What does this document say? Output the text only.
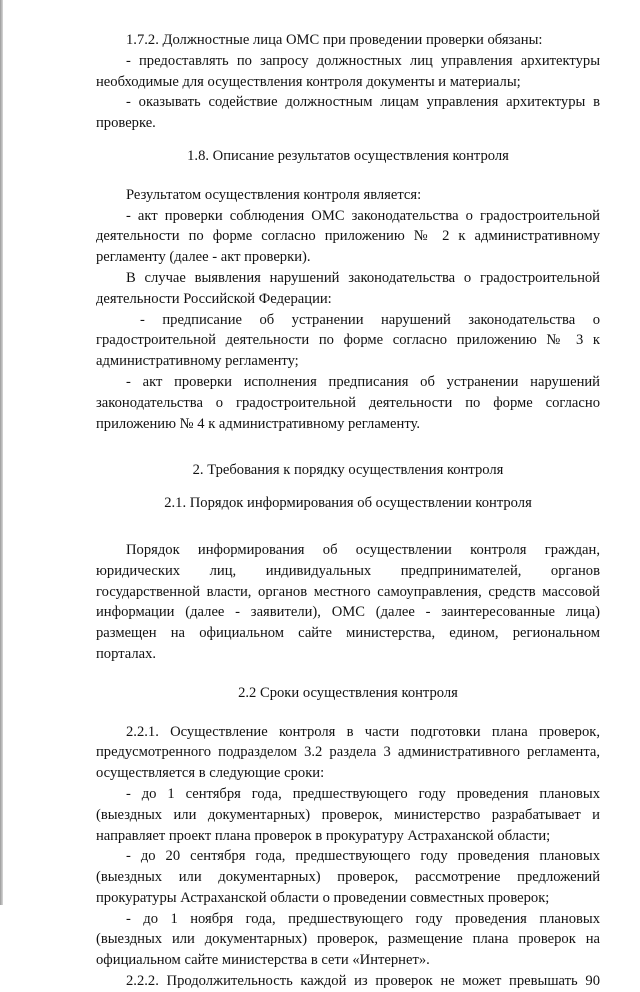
1.7.2. Должностные лица ОМС при проведении проверки обязаны:
- предоставлять по запросу должностных лиц управления архитектуры
необходимые для осуществления контроля документы и материалы;
- оказывать содействие должностным лицам управления архитектуры в
проверке.
1.8. Описание результатов осуществления контроля
Результатом осуществления контроля является:
- акт проверки соблюдения ОМС законодательства о градостроительной
деятельности по форме согласно приложению № 2 к административному
регламенту (далее - акт проверки).
В случае выявления нарушений законодательства о градостроительной
деятельности Российской Федерации:
- предписание об устранении нарушений законодательства о
градостроительной деятельности по форме согласно приложению № 3 к
административному регламенту;
- акт проверки исполнения предписания об устранении нарушений
законодательства о градостроительной деятельности по форме согласно
приложению № 4 к административному регламенту.
2. Требования к порядку осуществления контроля
2.1. Порядок информирования об осуществлении контроля
Порядок информирования об осуществлении контроля граждан,
юридических лиц, индивидуальных предпринимателей, органов
государственной власти, органов местного самоуправления, средств массовой
информации (далее - заявители), ОМС (далее - заинтересованные лица)
размещен на официальном сайте министерства, едином, региональном
порталах.
2.2 Сроки осуществления контроля
2.2.1. Осуществление контроля в части подготовки плана проверок,
предусмотренного подразделом 3.2 раздела 3 административного регламента,
осуществляется в следующие сроки:
- до 1 сентября года, предшествующего году проведения плановых
(выездных или документарных) проверок, министерство разрабатывает и
направляет проект плана проверок в прокуратуру Астраханской области;
- до 20 сентября года, предшествующего году проведения плановых
(выездных или документарных) проверок, рассмотрение предложений
прокуратуры Астраханской области о проведении совместных проверок;
- до 1 ноября года, предшествующего году проведения плановых
(выездных или документарных) проверок, размещение плана проверок на
официальном сайте министерства в сети «Интернет».
2.2.2. Продолжительность каждой из проверок не может превышать 90
